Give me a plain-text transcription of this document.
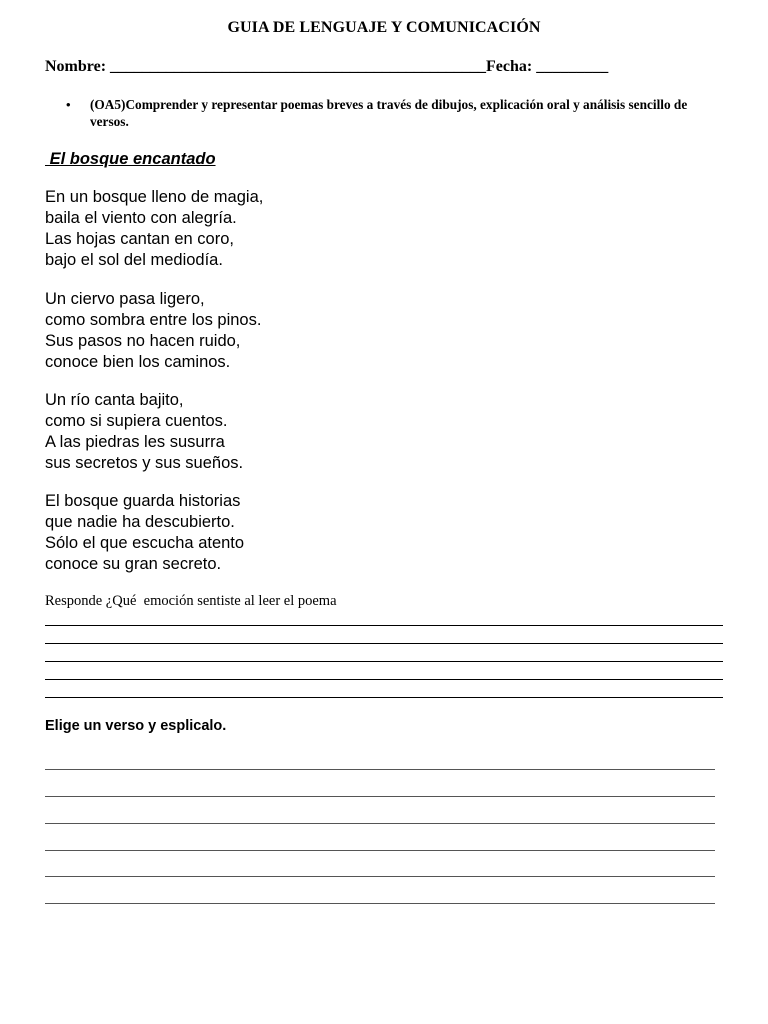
GUIA DE LENGUAJE Y COMUNICACIÓN
Nombre: _______________________________________________Fecha: _________
• (OA5)Comprender y representar poemas breves a través de dibujos, explicación oral y análisis sencillo de versos.
El bosque encantado
En un bosque lleno de magia,
baila el viento con alegría.
Las hojas cantan en coro,
bajo el sol del mediodía.
Un ciervo pasa ligero,
como sombra entre los pinos.
Sus pasos no hacen ruido,
conoce bien los caminos.
Un río canta bajito,
como si supiera cuentos.
A las piedras les susurra
sus secretos y sus sueños.
El bosque guarda historias
que nadie ha descubierto.
Sólo el que escucha atento
conoce su gran secreto.
Responde ¿Qué  emoción sentiste al leer el poema
Elige un verso y esplicalo.
